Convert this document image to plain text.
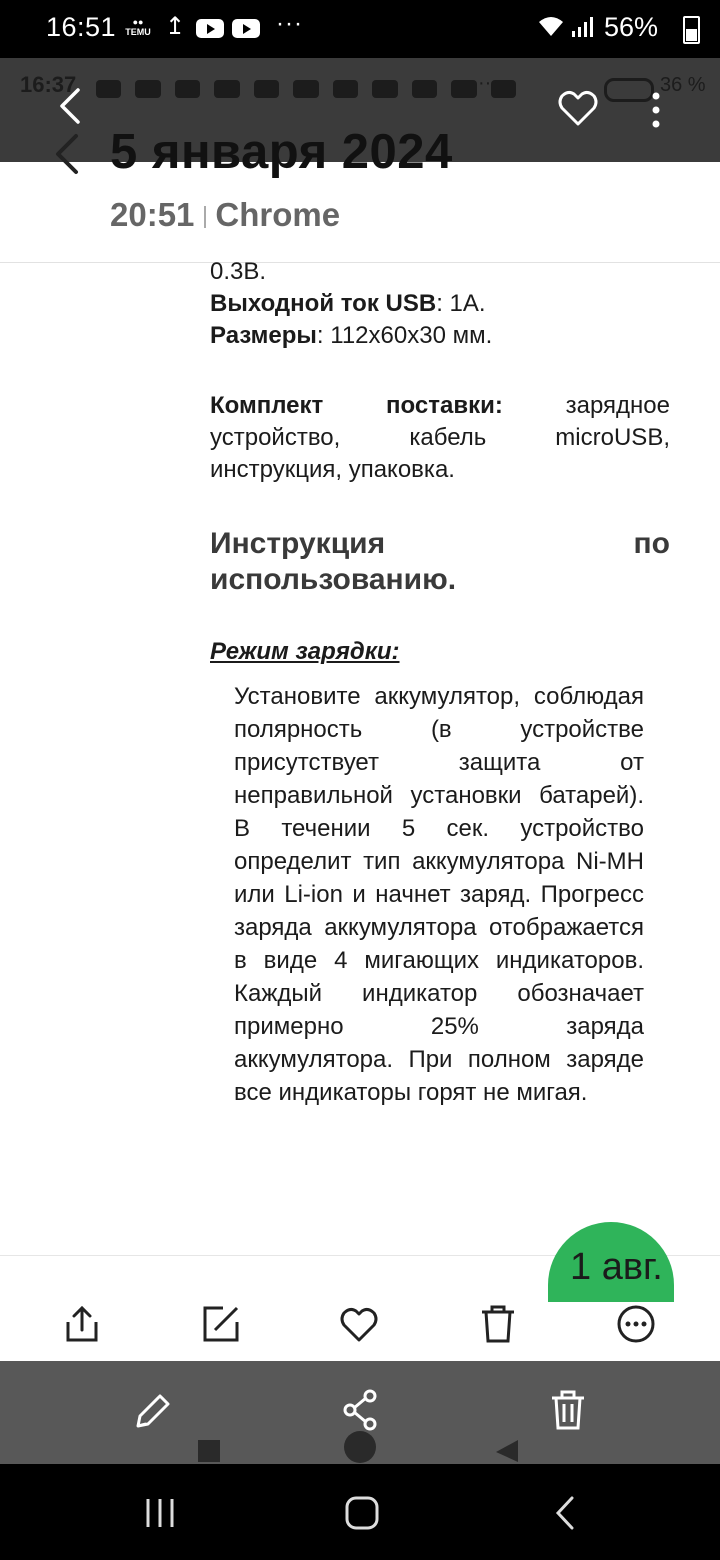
16:51	●●
TEMU ↥	···	56%
16:37	···	36 %
5 января 2024
20:51 Chrome

0.3В.

Выходной ток USB: 1А.

Размеры: 112х60х30 мм.

Комплект поставки:	зарядное

устройство, кабель microUSB, инструкция, упаковка.

Инструкция	по
использованию.
Режим зарядки:
Установите аккумулятор, соблюдая полярность (в устройстве присутствует защита от неправильной установки батарей). В течении 5 сек. устройство определит тип аккумулятора Ni-MH или Li-ion и начнет заряд. Прогресс заряда аккумулятора отображается в виде 4 мигающих индикаторов. Каждый индикатор обозначает примерно 25% заряда аккумулятора. При полном заряде все индикаторы горят не мигая.
1 авг.
